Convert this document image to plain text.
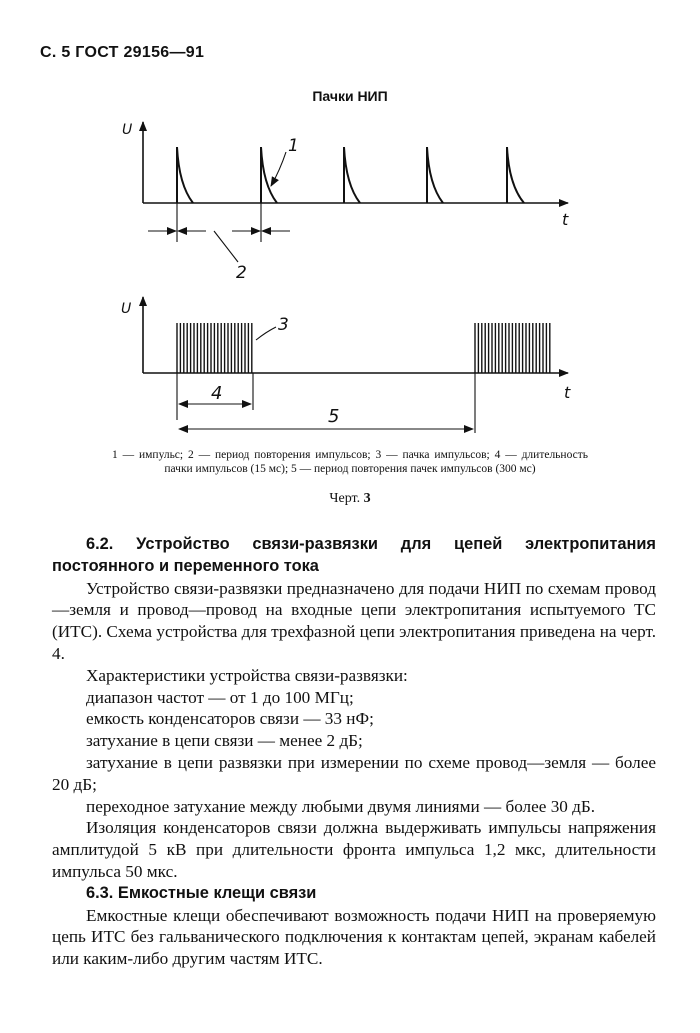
С. 5 ГОСТ 29156—91
Пачки НИП
U
t
1
2
U
t
3
4
5
1 — импульс; 2 — период повторения импульсов; 3 — пачка импульсов; 4 — длительность пачки импульсов (15 мс); 5 — период повторения пачек импульсов (300 мс)
Черт. 3
6.2. Устройство связи-развязки для цепей электропитания постоянного и переменного тока

Устройство связи-развязки предназначено для подачи НИП по схемам провод—земля и провод—провод на входные цепи электропитания испытуемого ТС (ИТС). Схема устройства для трехфазной цепи электропитания приведена на черт. 4.

Характеристики устройства связи-развязки:

диапазон частот — от 1 до 100 МГц;

емкость конденсаторов связи — 33 нФ;

затухание в цепи связи — менее 2 дБ;

затухание в цепи развязки при измерении по схеме провод—земля — более 20 дБ;

переходное затухание между любыми двумя линиями — более 30 дБ.

Изоляция конденсаторов связи должна выдерживать импульсы напряжения амплитудой 5 кВ при длительности фронта импульса 1,2 мкс, длительности импульса 50 мкс.

6.3. Емкостные клещи связи

Емкостные клещи обеспечивают возможность подачи НИП на проверяемую цепь ИТС без гальванического подключения к контактам цепей, экранам кабелей или каким-либо другим частям ИТС.
